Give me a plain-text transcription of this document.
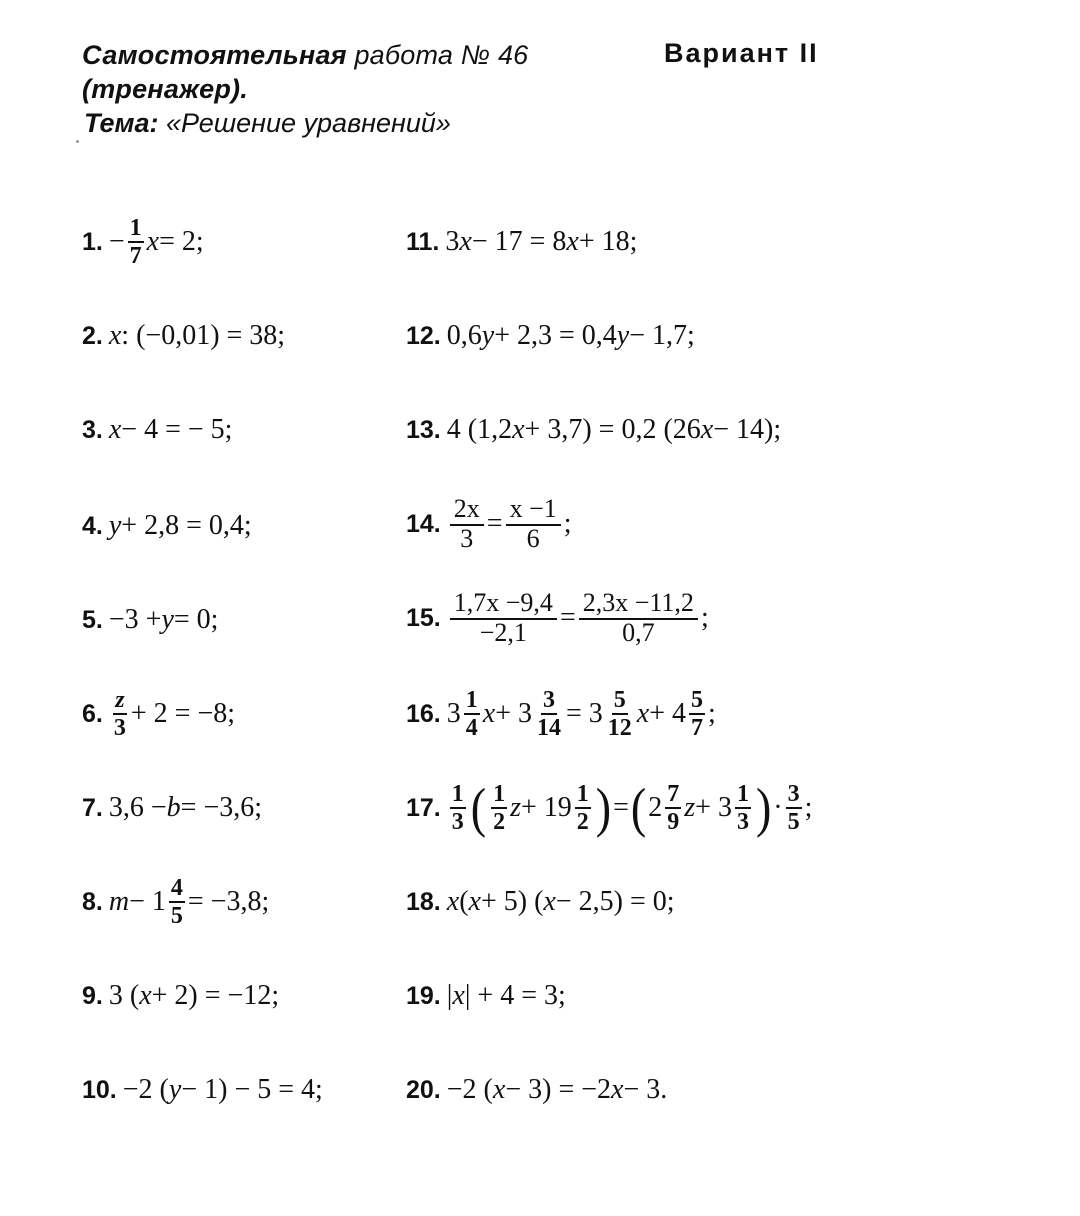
Самостоятельная работа № 46
(тренажер).
Вариант II
Тема: «Решение уравнений»
1. − $\frac{1}{7}$ x = 2;
2. x : (−0,01) = 38;
3. x − 4 = − 5;
4. y + 2,8 = 0,4;
5. −3 + y = 0;
6. $\frac{z}{3} + 2 = -8$;
7. 3,6 − b = −3,6;
8. $m - 1 \frac{4}{5} = -3,8$;
9. 3 ( x + 2) = −12;
10. −2 ( y − 1) − 5 = 4;
11. 3 x − 17 = 8 x + 18;
12. 0,6 y + 2,3 = 0,4 y − 1,7;
13. 4 (1,2 x + 3,7) = 0,2 (26 x − 14);
14. $\frac{2x}{3} = \frac{x -1}{6}$ ;
15. $\frac{1,7x -9,4}{-2,1} = \frac{2,3x -11,2}{0,7}$ ;
16. $3 \frac{1}{4}$ $x + 3 \frac{3}{14} = 3 \frac{5}{12}$ $x + 4 \frac{5}{7}$ ;
17. $\frac{1}{3}$ ( $\frac{1}{2}$ $z + 19 \frac{1}{2}$ ) = ( $2 \frac{7}{9}$ $z + 3 \frac{1}{3}$ ) · $\frac{3}{5}$ ;
18. x ( x + 5) ( x − 2,5) = 0;
19. | x | + 4 = 3;
20. −2 ( x − 3) = −2 x − 3.
